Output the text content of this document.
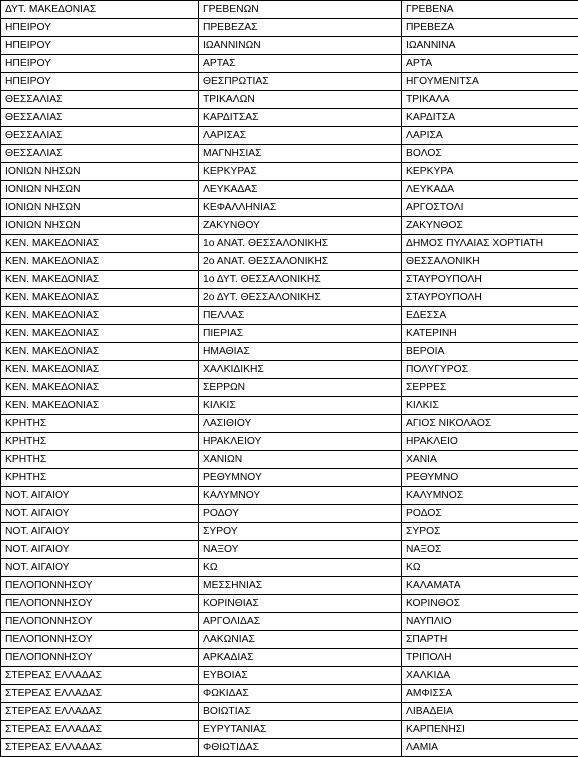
ΔΥΤ. ΜΑΚΕΔΟΝΙΑΣ	ΓΡΕΒΕΝΩΝ	ΓΡΕΒΕΝΑ
ΗΠΕΙΡΟΥ	ΠΡΕΒΕΖΑΣ	ΠΡΕΒΕΖΑ
ΗΠΕΙΡΟΥ	ΙΩΑΝΝΙΝΩΝ	ΙΩΑΝΝΙΝΑ
ΗΠΕΙΡΟΥ	ΑΡΤΑΣ	ΑΡΤΑ
ΗΠΕΙΡΟΥ	ΘΕΣΠΡΩΤΙΑΣ	ΗΓΟΥΜΕΝΙΤΣΑ
ΘΕΣΣΑΛΙΑΣ	ΤΡΙΚΑΛΩΝ	ΤΡΙΚΑΛΑ
ΘΕΣΣΑΛΙΑΣ	ΚΑΡΔΙΤΣΑΣ	ΚΑΡΔΙΤΣΑ
ΘΕΣΣΑΛΙΑΣ	ΛΑΡΙΣΑΣ	ΛΑΡΙΣΑ
ΘΕΣΣΑΛΙΑΣ	ΜΑΓΝΗΣΙΑΣ	ΒΟΛΟΣ
ΙΟΝΙΩΝ ΝΗΣΩΝ	ΚΕΡΚΥΡΑΣ	ΚΕΡΚΥΡΑ
ΙΟΝΙΩΝ ΝΗΣΩΝ	ΛΕΥΚΑΔΑΣ	ΛΕΥΚΑΔΑ
ΙΟΝΙΩΝ ΝΗΣΩΝ	ΚΕΦΑΛΛΗΝΙΑΣ	ΑΡΓΟΣΤΟΛΙ
ΙΟΝΙΩΝ ΝΗΣΩΝ	ΖΑΚΥΝΘΟΥ	ΖΑΚΥΝΘΟΣ
ΚΕΝ. ΜΑΚΕΔΟΝΙΑΣ	1ο ΑΝΑΤ. ΘΕΣΣΑΛΟΝΙΚΗΣ	ΔΗΜΟΣ ΠΥΛΑΙΑΣ ΧΟΡΤΙΑΤΗ
ΚΕΝ. ΜΑΚΕΔΟΝΙΑΣ	2ο ΑΝΑΤ. ΘΕΣΣΑΛΟΝΙΚΗΣ	ΘΕΣΣΑΛΟΝΙΚΗ
ΚΕΝ. ΜΑΚΕΔΟΝΙΑΣ	1ο ΔΥΤ. ΘΕΣΣΑΛΟΝΙΚΗΣ	ΣΤΑΥΡΟΥΠΟΛΗ
ΚΕΝ. ΜΑΚΕΔΟΝΙΑΣ	2ο ΔΥΤ. ΘΕΣΣΑΛΟΝΙΚΗΣ	ΣΤΑΥΡΟΥΠΟΛΗ
ΚΕΝ. ΜΑΚΕΔΟΝΙΑΣ	ΠΕΛΛΑΣ	ΕΔΕΣΣΑ
ΚΕΝ. ΜΑΚΕΔΟΝΙΑΣ	ΠΙΕΡΙΑΣ	ΚΑΤΕΡΙΝΗ
ΚΕΝ. ΜΑΚΕΔΟΝΙΑΣ	ΗΜΑΘΙΑΣ	ΒΕΡΟΙΑ
ΚΕΝ. ΜΑΚΕΔΟΝΙΑΣ	ΧΑΛΚΙΔΙΚΗΣ	ΠΟΛΥΓΥΡΟΣ
ΚΕΝ. ΜΑΚΕΔΟΝΙΑΣ	ΣΕΡΡΩΝ	ΣΕΡΡΕΣ
ΚΕΝ. ΜΑΚΕΔΟΝΙΑΣ	ΚΙΛΚΙΣ	ΚΙΛΚΙΣ
ΚΡΗΤΗΣ	ΛΑΣΙΘΙΟΥ	ΑΓΙΟΣ ΝΙΚΟΛΑΟΣ
ΚΡΗΤΗΣ	ΗΡΑΚΛΕΙΟΥ	ΗΡΑΚΛΕΙΟ
ΚΡΗΤΗΣ	ΧΑΝΙΩΝ	ΧΑΝΙΑ
ΚΡΗΤΗΣ	ΡΕΘΥΜΝΟΥ	ΡΕΘΥΜΝΟ
ΝΟΤ. ΑΙΓΑΙΟΥ	ΚΑΛΥΜΝΟΥ	ΚΑΛΥΜΝΟΣ
ΝΟΤ. ΑΙΓΑΙΟΥ	ΡΟΔΟΥ	ΡΟΔΟΣ
ΝΟΤ. ΑΙΓΑΙΟΥ	ΣΥΡΟΥ	ΣΥΡΟΣ
ΝΟΤ. ΑΙΓΑΙΟΥ	ΝΑΞΟΥ	ΝΑΞΟΣ
ΝΟΤ. ΑΙΓΑΙΟΥ	ΚΩ	ΚΩ
ΠΕΛΟΠΟΝΝΗΣΟΥ	ΜΕΣΣΗΝΙΑΣ	ΚΑΛΑΜΑΤΑ
ΠΕΛΟΠΟΝΝΗΣΟΥ	ΚΟΡΙΝΘΙΑΣ	ΚΟΡΙΝΘΟΣ
ΠΕΛΟΠΟΝΝΗΣΟΥ	ΑΡΓΟΛΙΔΑΣ	ΝΑΥΠΛΙΟ
ΠΕΛΟΠΟΝΝΗΣΟΥ	ΛΑΚΩΝΙΑΣ	ΣΠΑΡΤΗ
ΠΕΛΟΠΟΝΝΗΣΟΥ	ΑΡΚΑΔΙΑΣ	ΤΡΙΠΟΛΗ
ΣΤΕΡΕΑΣ ΕΛΛΑΔΑΣ	ΕΥΒΟΙΑΣ	ΧΑΛΚΙΔΑ
ΣΤΕΡΕΑΣ ΕΛΛΑΔΑΣ	ΦΩΚΙΔΑΣ	ΑΜΦΙΣΣΑ
ΣΤΕΡΕΑΣ ΕΛΛΑΔΑΣ	ΒΟΙΩΤΙΑΣ	ΛΙΒΑΔΕΙΑ
ΣΤΕΡΕΑΣ ΕΛΛΑΔΑΣ	ΕΥΡΥΤΑΝΙΑΣ	ΚΑΡΠΕΝΗΣΙ
ΣΤΕΡΕΑΣ ΕΛΛΑΔΑΣ	ΦΘΙΩΤΙΔΑΣ	ΛΑΜΙΑ
